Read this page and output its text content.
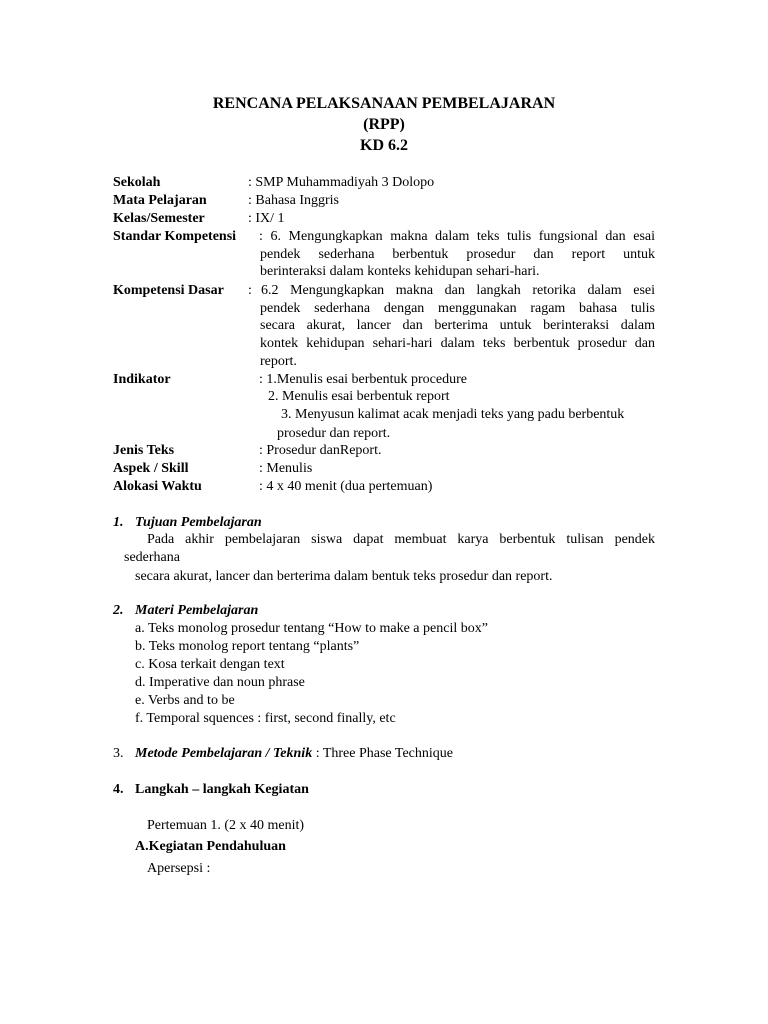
RENCANA PELAKSANAAN PEMBELAJARAN
(RPP)
KD 6.2
Sekolah	: SMP Muhammadiyah 3 Dolopo
Mata Pelajaran	: Bahasa Inggris
Kelas/Semester	: IX/ 1
Standar Kompetensi : 6. Mengungkapkan makna dalam teks tulis fungsional dan esai
pendek sederhana berbentuk prosedur dan report untuk
berinteraksi dalam konteks kehidupan sehari-hari.
Kompetensi Dasar : 6.2 Mengungkapkan makna dan langkah retorika dalam esei
pendek sederhana dengan menggunakan ragam bahasa tulis
secara akurat, lancer dan berterima untuk berinteraksi dalam
kontek kehidupan sehari-hari dalam teks berbentuk prosedur dan
report.
Indikator	: 1.Menulis esai berbentuk procedure
2. Menulis esai berbentuk report
3. Menyusun kalimat acak menjadi teks yang padu berbentuk
prosedur dan report.
Jenis Teks	: Prosedur danReport.
Aspek / Skill	: Menulis
Alokasi Waktu	: 4 x 40 menit (dua pertemuan)
1. Tujuan Pembelajaran
Pada akhir pembelajaran siswa dapat membuat karya berbentuk tulisan pendek
sederhana
secara akurat, lancer dan berterima dalam bentuk teks prosedur dan report.
2. Materi Pembelajaran
a. Teks monolog prosedur tentang “How to make a pencil box”
b. Teks monolog report tentang “plants”
c. Kosa terkait dengan text
d. Imperative dan noun phrase
e. Verbs and to be
f. Temporal squences : first, second finally, etc
3. Metode Pembelajaran / Teknik : Three Phase Technique
4. Langkah – langkah Kegiatan
Pertemuan 1. (2 x 40 menit)
A.Kegiatan Pendahuluan
Apersepsi :
